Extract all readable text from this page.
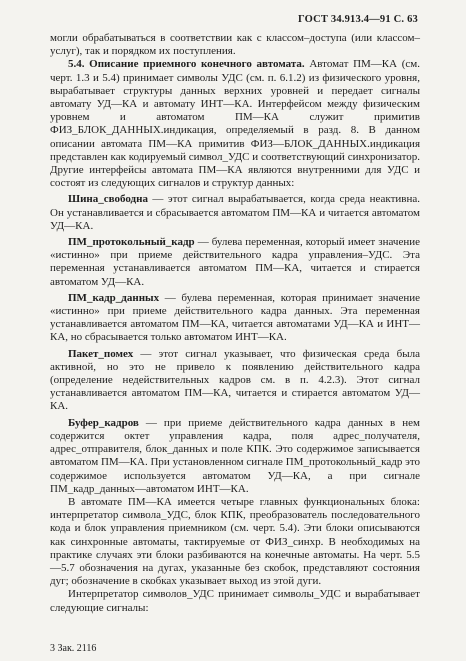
ГОСТ 34.913.4—91 С. 63

могли обрабатываться в соответствии как с классом–доступа (или классом–услуг), так и порядком их поступления.

5.4. Описание приемного конечного автомата. Автомат ПМ—КА (см. черт. 1.3 и 5.4) принимает символы УДС (см. п. 6.1.2) из физического уровня, вырабатывает структуры данных верхних уровней и передает сигналы автомату УД—КА и автомату ИНТ—КА. Интерфейсом между физическим уровнем и автоматом ПМ—КА служит примитив ФИЗ_БЛОК_ДАННЫХ.индикация, определяемый в разд. 8. В данном описании автомата ПМ—КА примитив ФИЗ—БЛОК_ДАННЫХ.индикация представлен как кодируемый символ_УДС и соответствующий синхронизатор. Другие интерфейсы автомата ПМ—КА являются внутренними для УДС и состоят из следующих сигналов и структур данных:

Шина_свободна — этот сигнал вырабатывается, когда среда неактивна. Он устанавливается и сбрасывается автоматом ПМ—КА и читается автоматом УД—КА.

ПМ_протокольный_кадр — булева переменная, который имеет значение «истинно» при приеме действительного кадра управления–УДС. Эта переменная устанавливается автоматом ПМ—КА, читается и стирается автоматом УД—КА.

ПМ_кадр_данных — булева переменная, которая принимает значение «истинно» при приеме действительного кадра данных. Эта переменная устанавливается автоматом ПМ—КА, читается автоматами УД—КА и ИНТ—КА, но сбрасывается только автоматом ИНТ—КА.

Пакет_помех — этот сигнал указывает, что физическая среда была активной, но это не привело к появлению действительного кадра (определение недействительных кадров см. в п. 4.2.3). Этот сигнал устанавливается автоматом ПМ—КА, читается и стирается автоматом УД—КА.

Буфер_кадров — при приеме действительного кадра данных в нем содержится октет управления кадра, поля адрес_получателя, адрес_отправителя, блок_данных и поле КПК. Это содержимое записывается автоматом ПМ—КА. При установленном сигнале ПМ_протокольный_кадр это содержимое используется автоматом УД—КА, а при сигнале ПМ_кадр_данных—автоматом ИНТ—КА.

В автомате ПМ—КА имеется четыре главных функциональных блока: интерпретатор символа_УДС, блок КПК, преобразователь последовательного кода и блок управления приемником (см. черт. 5.4). Эти блоки описываются как синхронные автоматы, тактируемые от ФИЗ_синхр. В необходимых на практике случаях эти блоки разбиваются на конечные автоматы. На черт. 5.5—5.7 обозначения на дугах, указанные без скобок, представляют состояния дуг; обозначение в скобках указывает выход из этой дуги.

Интерпретатор символов_УДС принимает символы_УДС и вырабатывает следующие сигналы:

3 Зак. 2116
